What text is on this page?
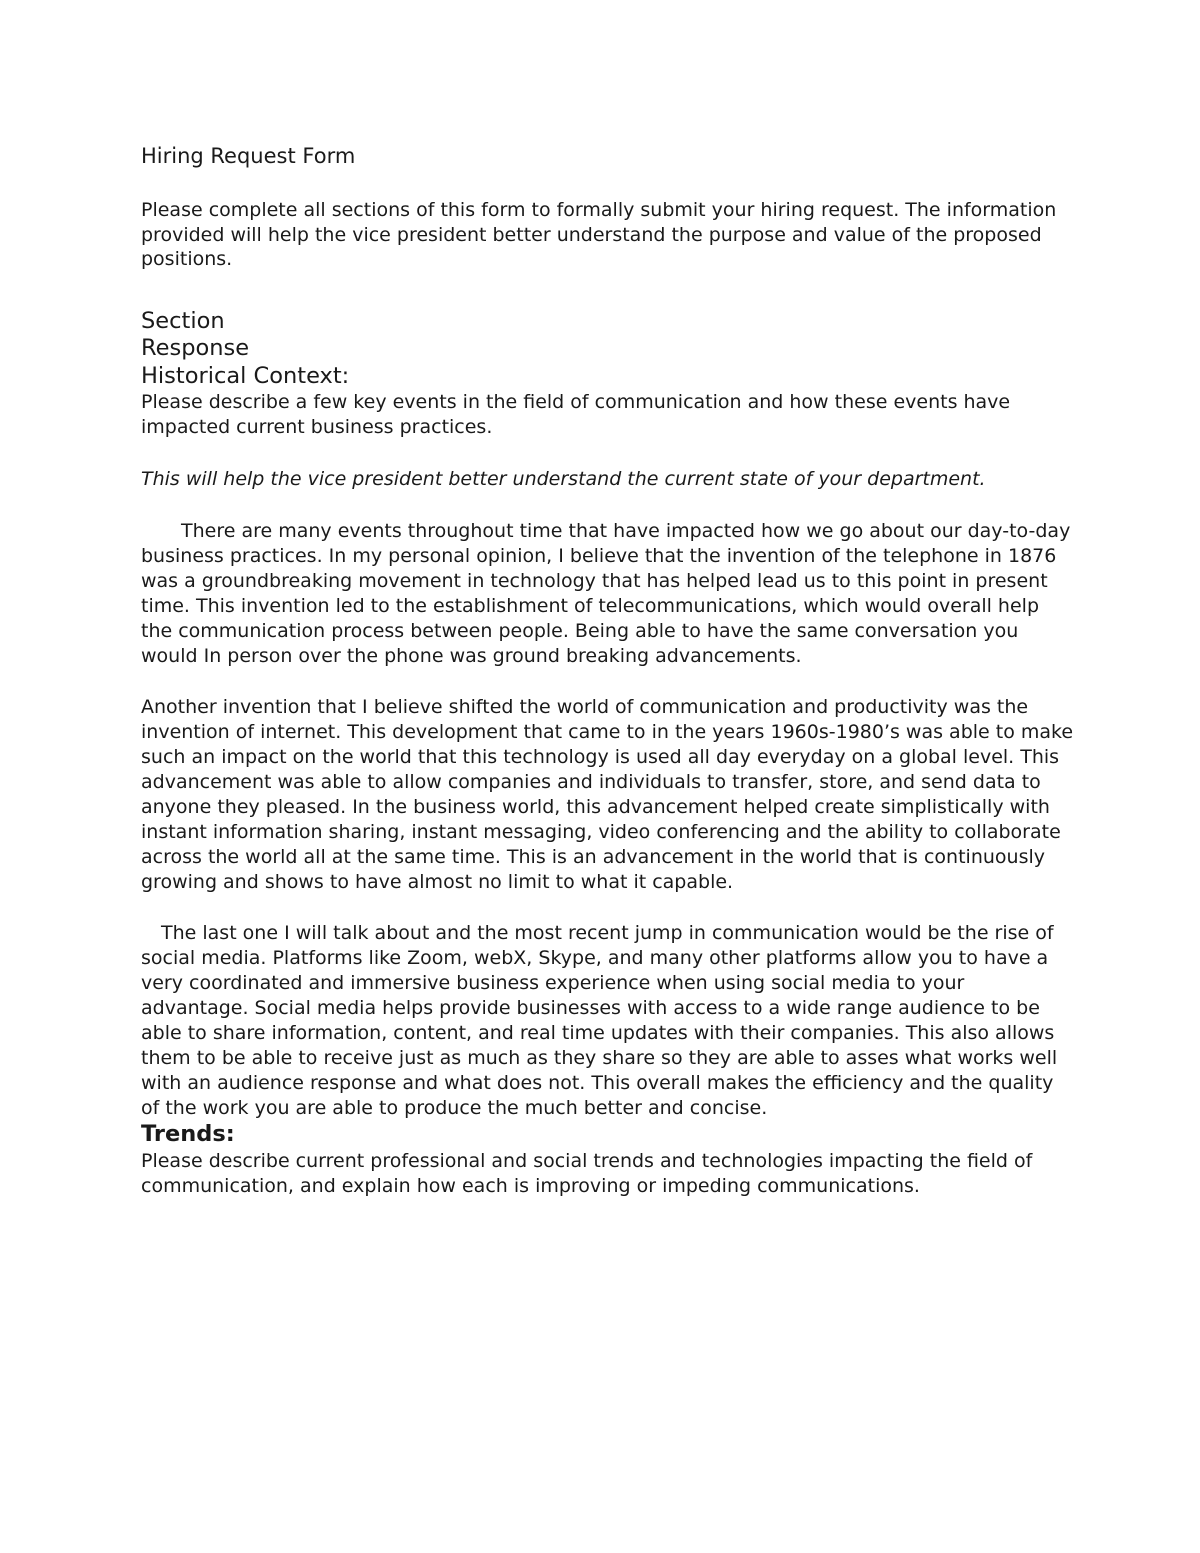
Hiring Request Form

Please complete all sections of this form to formally submit your hiring request. The information provided will help the vice president better understand the purpose and value of the proposed positions.

Section

Response

Historical Context:

Please describe a few key events in the field of communication and how these events have impacted current business practices.

This will help the vice president better understand the current state of your department.

There are many events throughout time that have impacted how we go about our day-to-day business practices. In my personal opinion, I believe that the invention of the telephone in 1876 was a groundbreaking movement in technology that has helped lead us to this point in present time. This invention led to the establishment of telecommunications, which would overall help the communication process between people. Being able to have the same conversation you would In person over the phone was ground breaking advancements.

Another invention that I believe shifted the world of communication and productivity was the invention of internet. This development that came to in the years 1960s-1980’s was able to make such an impact on the world that this technology is used all day everyday on a global level. This advancement was able to allow companies and individuals to transfer, store, and send data to anyone they pleased. In the business world, this advancement helped create simplistically with instant information sharing, instant messaging, video conferencing and the ability to collaborate across the world all at the same time. This is an advancement in the world that is continuously growing and shows to have almost no limit to what it capable.

The last one I will talk about and the most recent jump in communication would be the rise of social media. Platforms like Zoom, webX, Skype, and many other platforms allow you to have a very coordinated and immersive business experience when using social media to your advantage. Social media helps provide businesses with access to a wide range audience to be able to share information, content, and real time updates with their companies. This also allows them to be able to receive just as much as they share so they are able to asses what works well with an audience response and what does not. This overall makes the efficiency and the quality of the work you are able to produce the much better and concise.

Trends:

Please describe current professional and social trends and technologies impacting the field of communication, and explain how each is improving or impeding communications.
